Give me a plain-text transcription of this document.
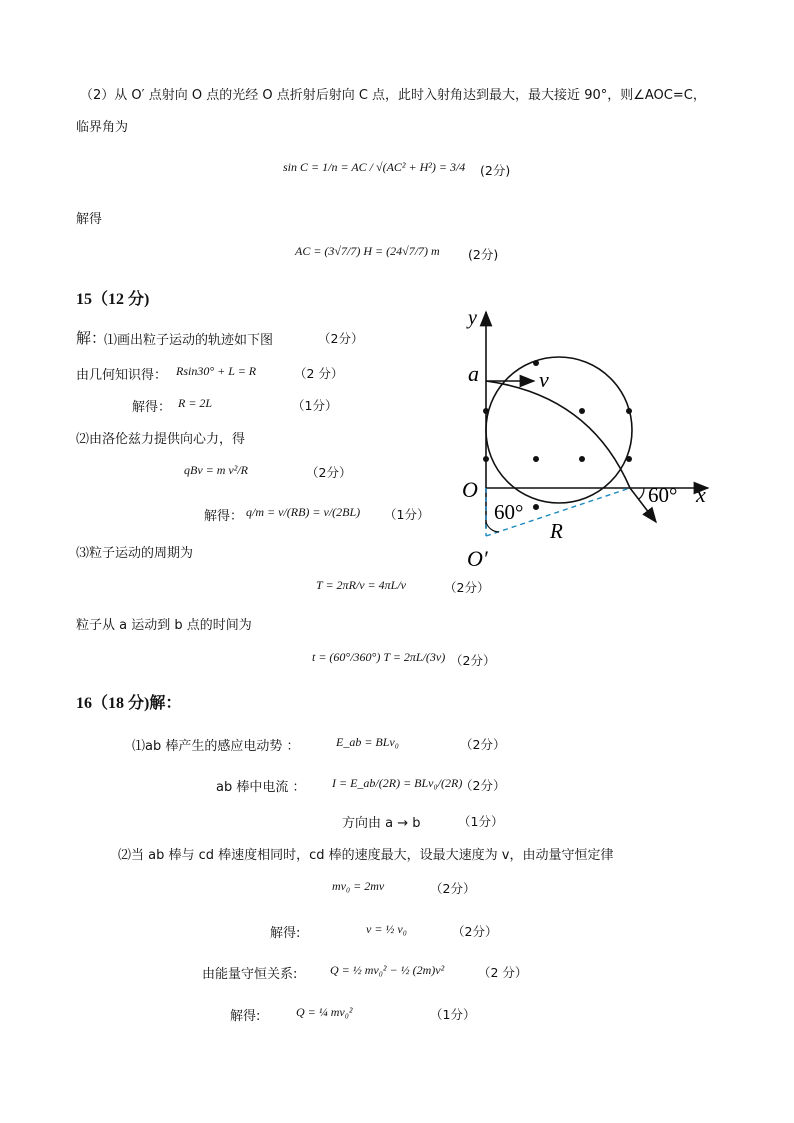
（2）从 O′ 点射向 O 点的光经 O 点折射后射向 C 点，此时入射角达到最大，最大接近 90°，则∠AOC=C，
临界角为
sin C = 1/n = AC / √(AC² + H²) = 3/4 (2分)
解得
AC = (3√7/7) H = (24√7/7) m (2分)
15（12 分)
解：
⑴画出粒子运动的轨迹如下图	（2分）
由几何知识得： Rsin30° + L = R	（2 分）
解得： R = 2L	（1分）
⑵由洛伦兹力提供向心力，得
qBv = m v²/R	（2分）
解得： q/m = v/(RB) = v/(2BL) （1分）
⑶粒子运动的周期为
T = 2πR/v = 4πL/v	（2分）
粒子从 a 运动到 b 点的时间为
t = (60°/360°) T = 2πL/(3v) （2分）
y
x
a	v
O
O′
60°
60°
R
16（18 分)解：
⑴ab 棒产生的感应电动势 ：	E_ab = BLv₀	（2分）
ab 棒中电流 ： I = E_ab/(2R) = BLv₀/(2R)
（2分）
方向由 a → b	（1分）
⑵当 ab 棒与 cd 棒速度相同时，cd 棒的速度最大，设最大速度为 v，由动量守恒定律
mv₀ = 2mv	（2分）
解得:	v = ½ v₀	（2分）
由能量守恒关系:	Q = ½ mv₀² − ½ (2m)v²	（2 分）
解得:	Q = ¼ mv₀²	（1分）
